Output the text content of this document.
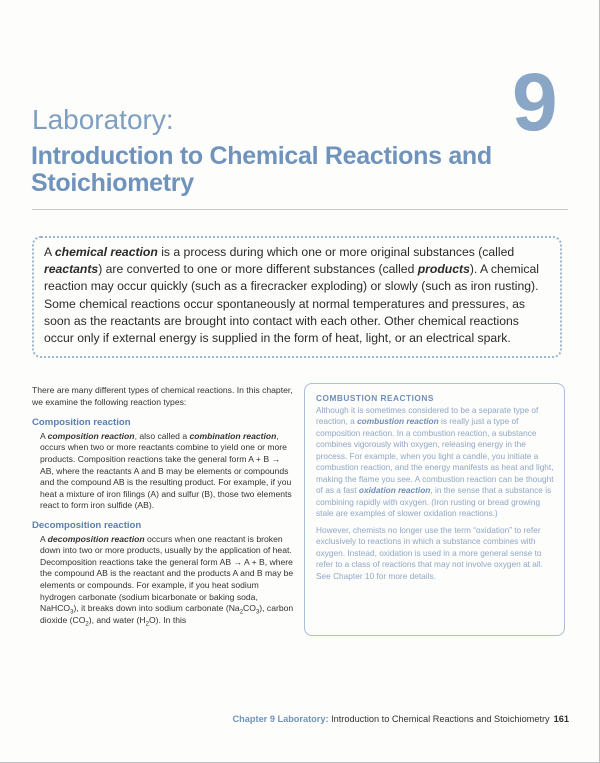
9
Laboratory:
Introduction to Chemical Reactions and Stoichiometry

A chemical reaction is a process during which one or more original substances (called reactants) are converted to one or more different substances (called products). A chemical reaction may occur quickly (such as a firecracker exploding) or slowly (such as iron rusting). Some chemical reactions occur spontaneously at normal temperatures and pressures, as soon as the reactants are brought into contact with each other. Other chemical reactions occur only if external energy is supplied in the form of heat, light, or an electrical spark.

There are many different types of chemical reactions. In this chapter, we examine the following reaction types:

Composition reaction

A composition reaction, also called a combination reaction, occurs when two or more reactants combine to yield one or more products. Composition reactions take the general form A + B → AB, where the reactants A and B may be elements or compounds and the compound AB is the resulting product. For example, if you heat a mixture of iron filings (A) and sulfur (B), those two elements react to form iron sulfide (AB).

Decomposition reaction

A decomposition reaction occurs when one reactant is broken down into two or more products, usually by the application of heat. Decomposition reactions take the general form AB → A + B, where the compound AB is the reactant and the products A and B may be elements or compounds. For example, if you heat sodium hydrogen carbonate (sodium bicarbonate or baking soda, NaHCO$_3$), it breaks down into sodium carbonate $(Na_2CO_3)$, carbon dioxide $(CO_2)$, and water $(H_2O)$. In this

COMBUSTION REACTIONS

Although it is sometimes considered to be a separate type of reaction, a combustion reaction is really just a type of composition reaction. In a combustion reaction, a substance combines vigorously with oxygen, releasing energy in the process. For example, when you light a candle, you initiate a combustion reaction, and the energy manifests as heat and light, making the flame you see. A combustion reaction can be thought of as a fast oxidation reaction, in the sense that a substance is combining rapidly with oxygen. (Iron rusting or bread growing stale are examples of slower oxidation reactions.)

However, chemists no longer use the term “oxidation” to refer exclusively to reactions in which a substance combines with oxygen. Instead, oxidation is used in a more general sense to refer to a class of reactions that may not involve oxygen at all. See Chapter 10 for more details.

Chapter 9 Laboratory: Introduction to Chemical Reactions and Stoichiometry 161
